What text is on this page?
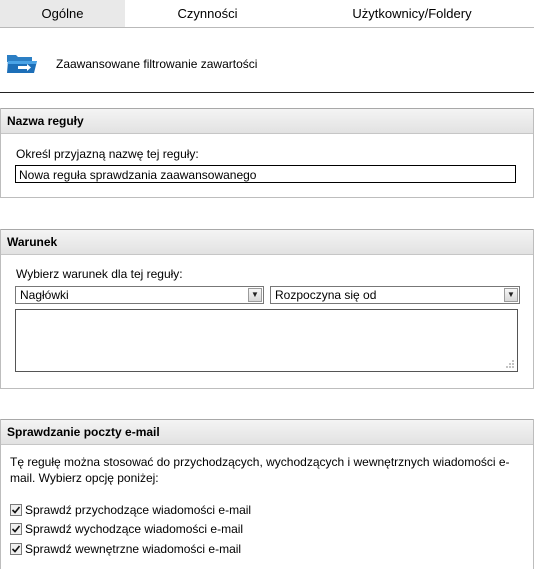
Ogólne	Czynności	Użytkownicy/Foldery
Zaawansowane filtrowanie zawartości
Nazwa reguły
Określ przyjazną nazwę tej reguły:
Nowa reguła sprawdzania zaawansowanego
Warunek
Wybierz warunek dla tej reguły:
Nagłówki	▼	Rozpoczyna się od	▼
Sprawdzanie poczty e-mail
Tę regułę można stosować do przychodzących, wychodzących i wewnętrznych wiadomości e-mail. Wybierz opcję poniżej:
Sprawdź przychodzące wiadomości e-mail
Sprawdź wychodzące wiadomości e-mail
Sprawdź wewnętrzne wiadomości e-mail
